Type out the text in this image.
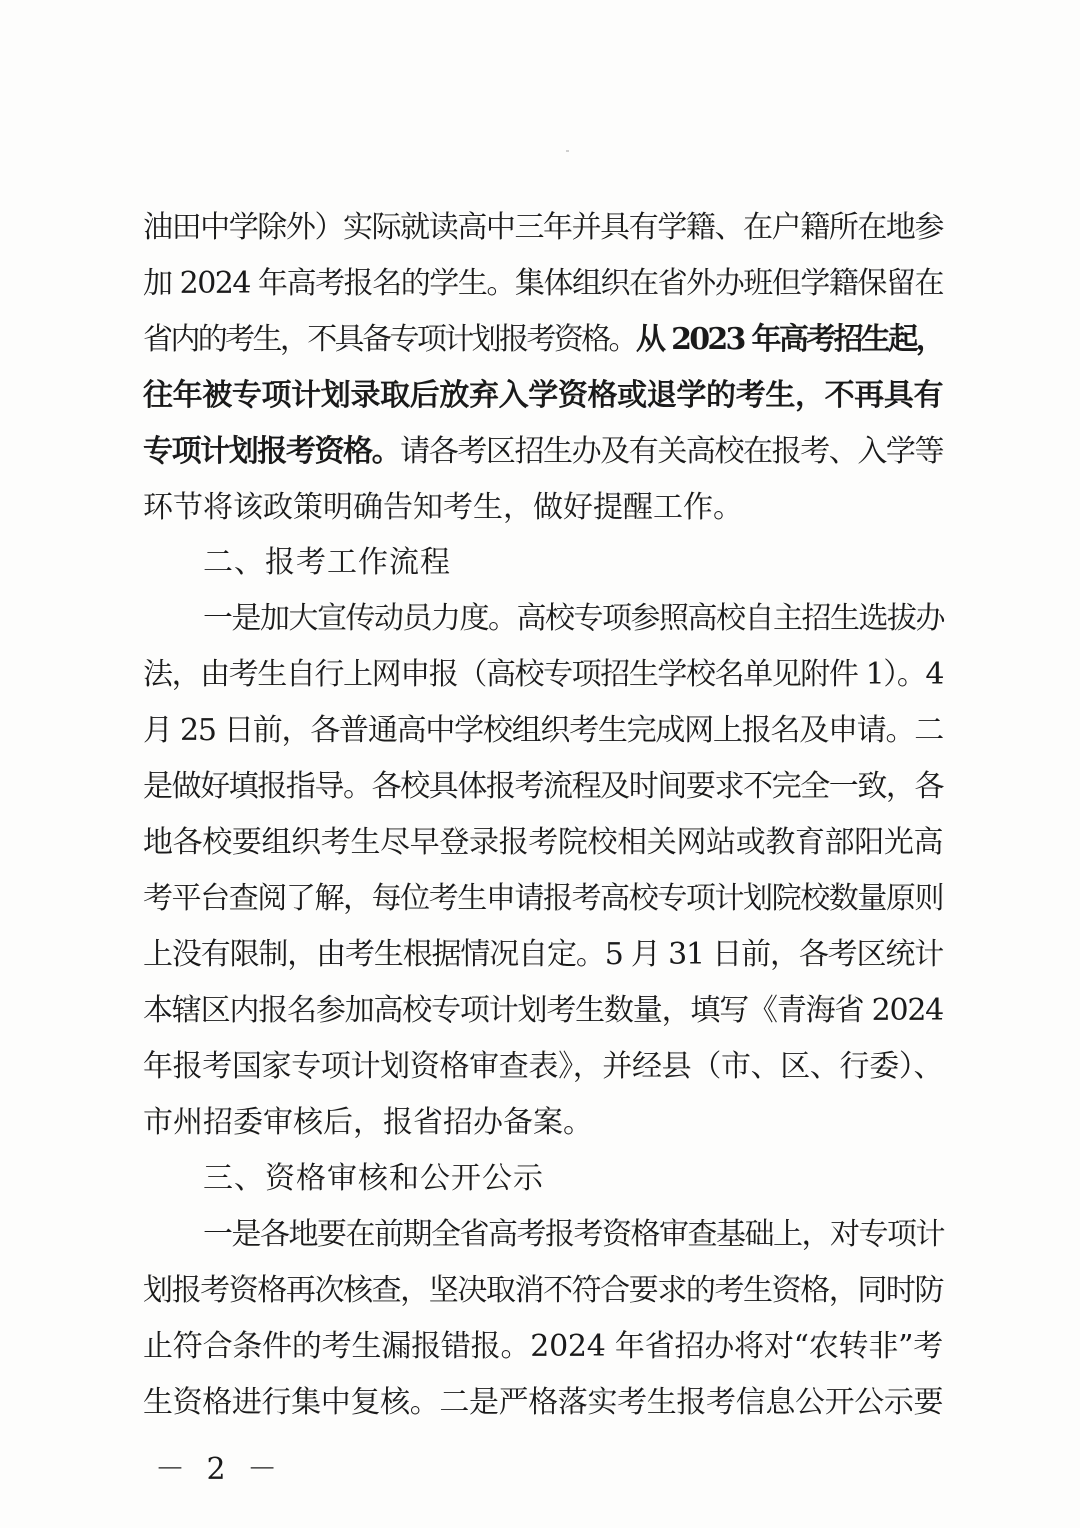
油田中学除外）实际就读高中三年并具有学籍、在户籍所在地参
加 2024 年高考报名的学生。集体组织在省外办班但学籍保留在
省内的考生，不具备专项计划报考资格。从 2023 年高考招生起，
往年被专项计划录取后放弃入学资格或退学的考生，不再具有
专项计划报考资格。请各考区招生办及有关高校在报考、入学等
环节将该政策明确告知考生，做好提醒工作。
二、报考工作流程
一是加大宣传动员力度。高校专项参照高校自主招生选拔办
法，由考生自行上网申报（高校专项招生学校名单见附件 1）。4
月 25 日前，各普通高中学校组织考生完成网上报名及申请。二
是做好填报指导。各校具体报考流程及时间要求不完全一致，各
地各校要组织考生尽早登录报考院校相关网站或教育部阳光高
考平台查阅了解，每位考生申请报考高校专项计划院校数量原则
上没有限制，由考生根据情况自定。5 月 31 日前，各考区统计
本辖区内报名参加高校专项计划考生数量，填写《青海省 2024
年报考国家专项计划资格审查表》，并经县（市、区、行委）、
市州招委审核后，报省招办备案。
三、资格审核和公开公示
一是各地要在前期全省高考报考资格审查基础上，对专项计
划报考资格再次核查，坚决取消不符合要求的考生资格，同时防
止符合条件的考生漏报错报。2024 年省招办将对“农转非”考
生资格进行集中复核。二是严格落实考生报考信息公开公示要
－ 2 －
